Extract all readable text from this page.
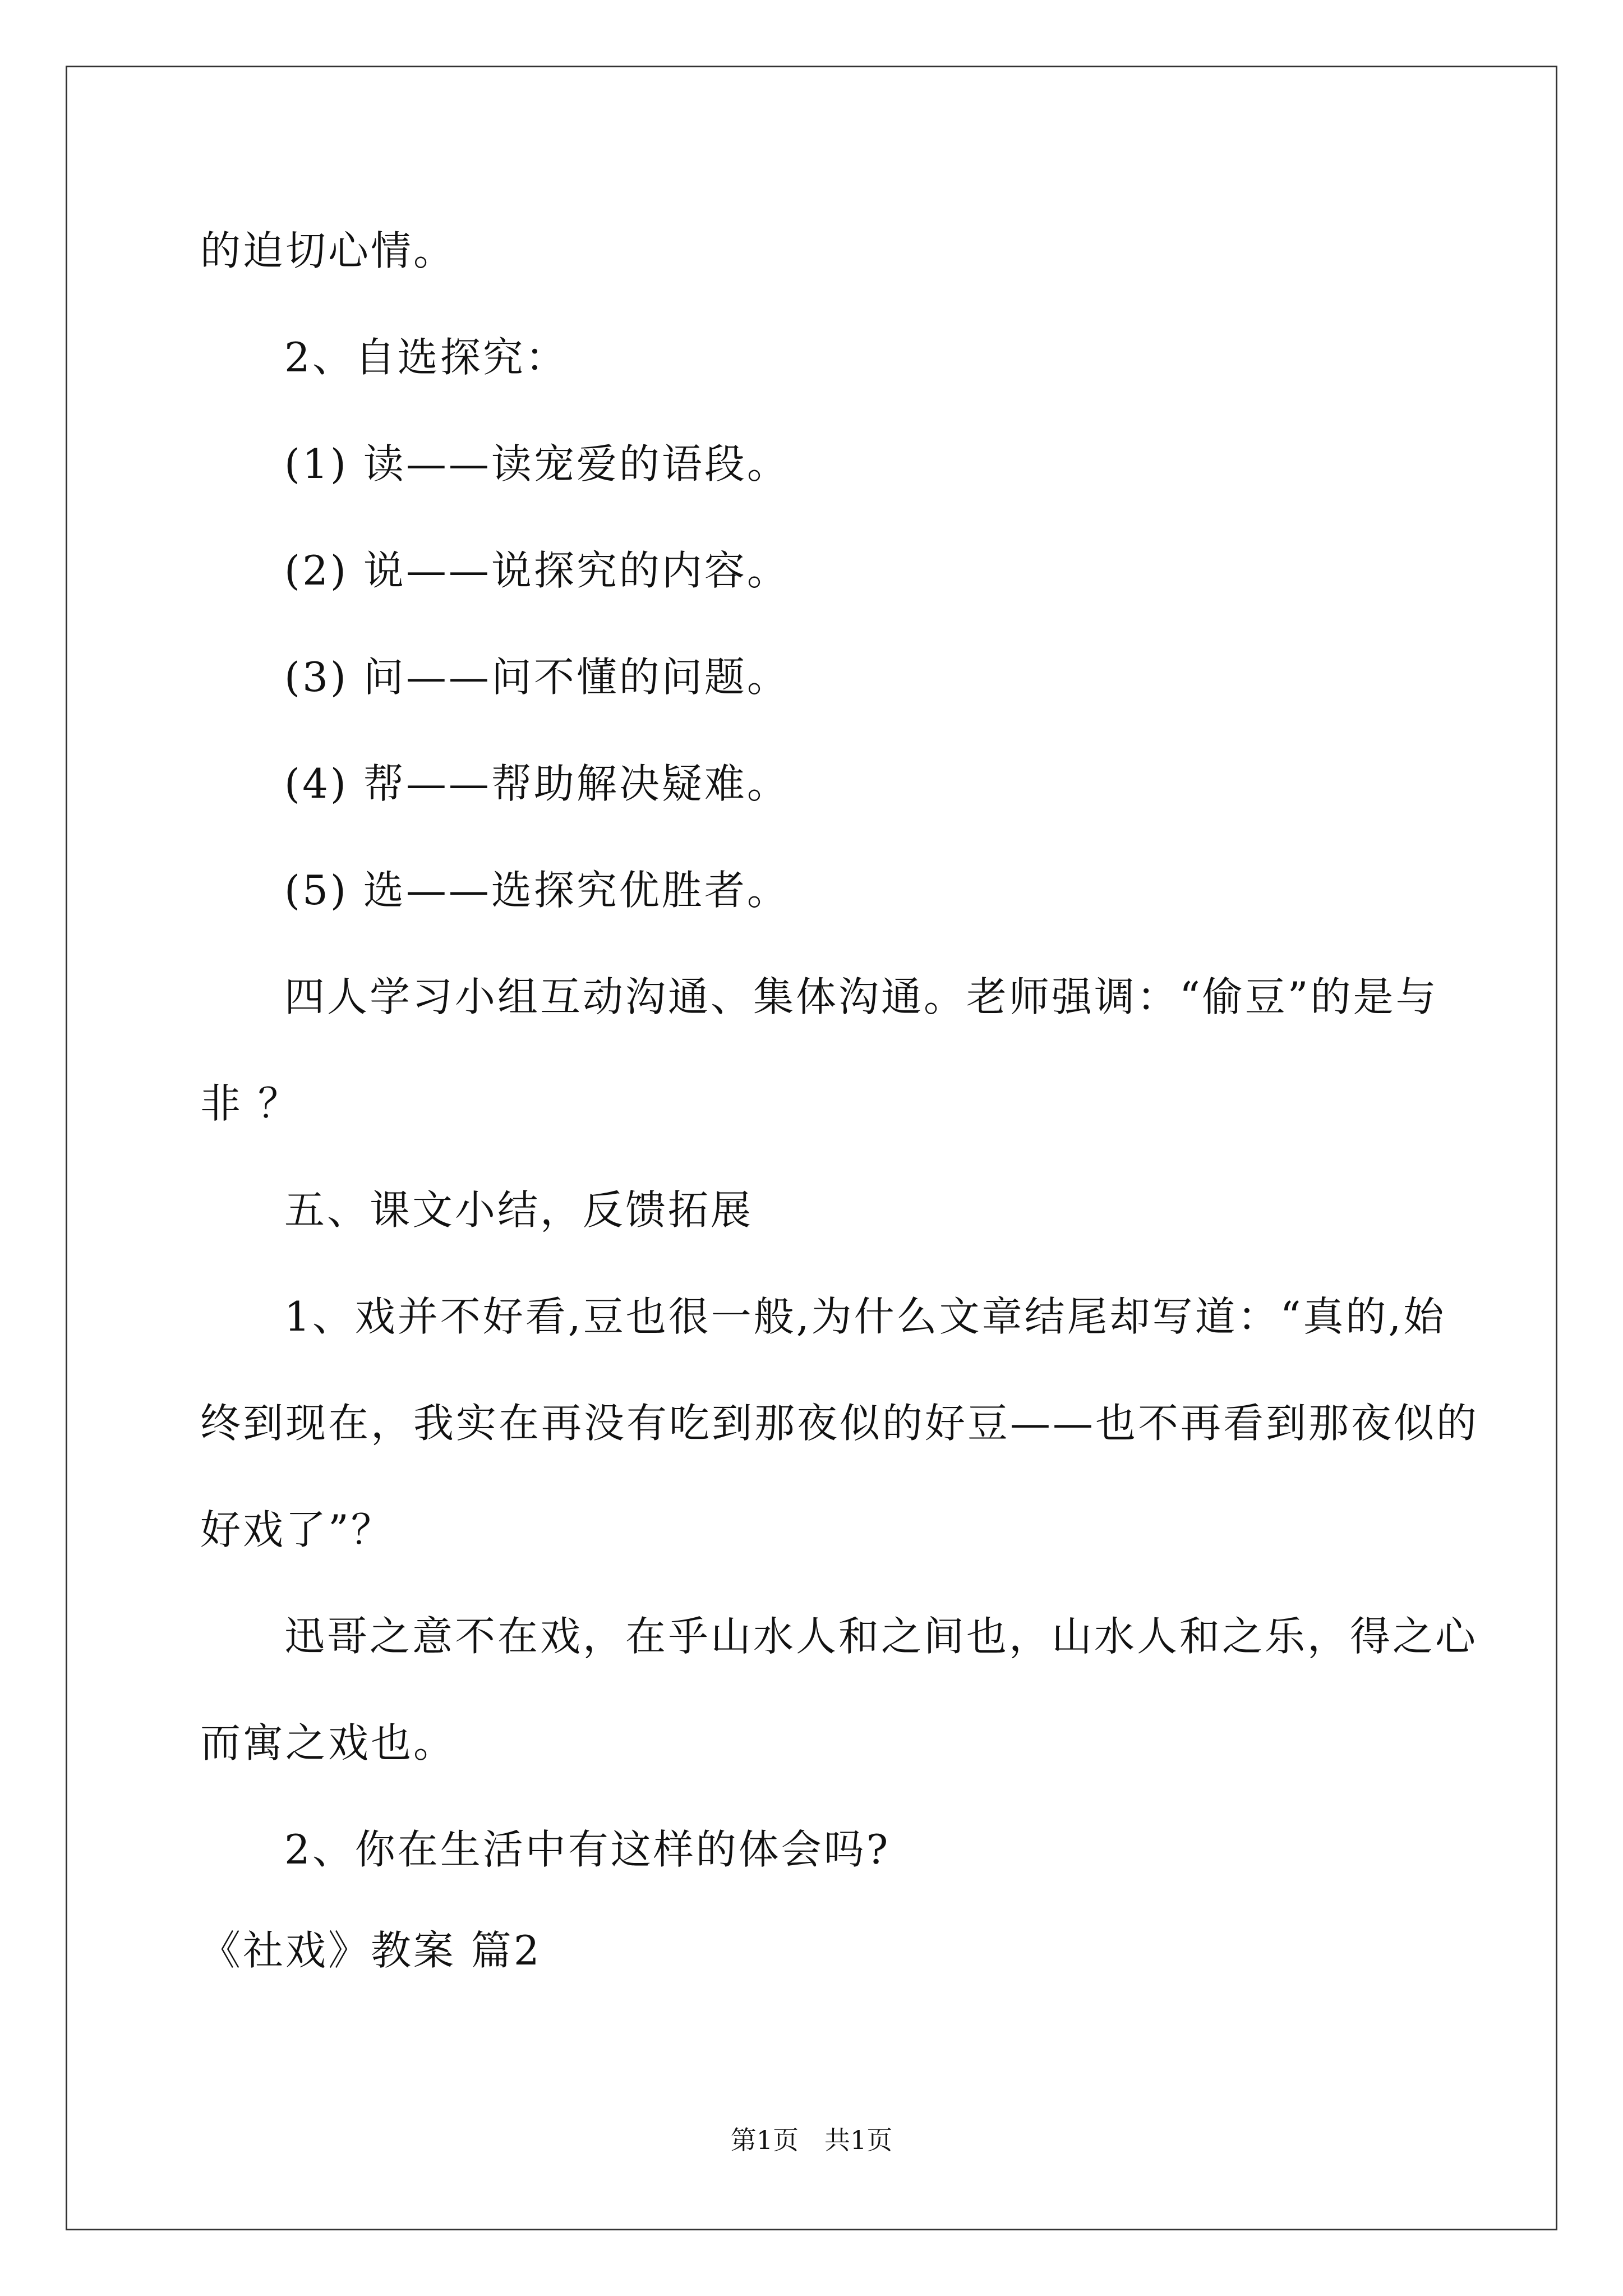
的迫切心情。
2、自选探究：
(1) 读——读宠爱的语段。
(2) 说——说探究的内容。
(3) 问——问不懂的问题。
(4) 帮——帮助解决疑难。
(5) 选——选探究优胜者。
四人学习小组互动沟通、集体沟通。老师强调：“偷豆”的是与
非 ？
五、课文小结，反馈拓展
1、戏并不好看,豆也很一般,为什么文章结尾却写道：“真的,始
终到现在，我实在再没有吃到那夜似的好豆——也不再看到那夜似的
好戏了”？
迅哥之意不在戏，在乎山水人和之间也，山水人和之乐，得之心
而寓之戏也。
2、你在生活中有这样的体会吗?
《社戏》教案 篇2
第1页　共1页
